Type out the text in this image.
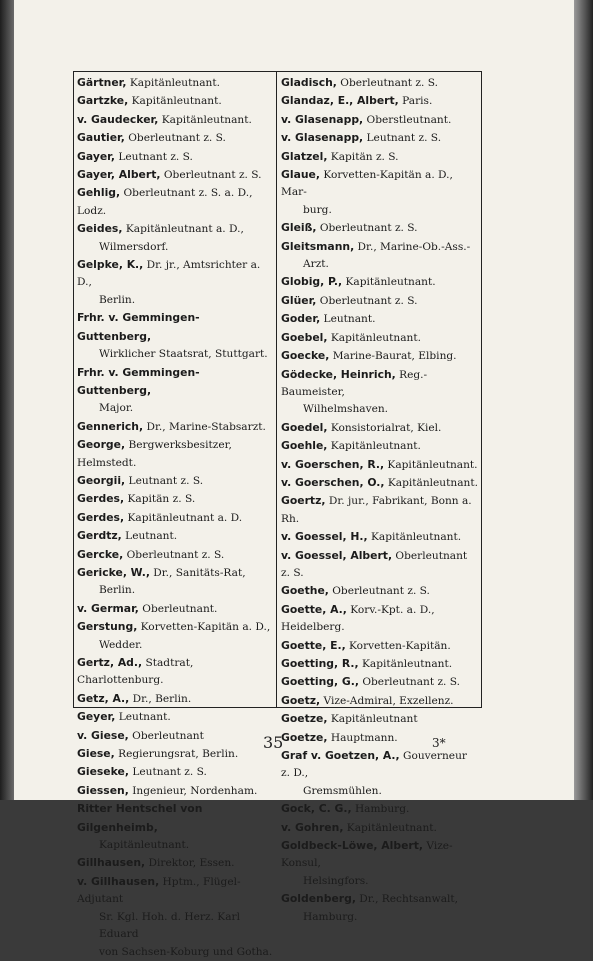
Gärtner, Kapitänleutnant.
Gartzke, Kapitänleutnant.
v. Gaudecker, Kapitänleutnant.
Gautier, Oberleutnant z. S.
Gayer, Leutnant z. S.
Gayer, Albert, Oberleutnant z. S.
Gehlig, Oberleutnant z. S. a. D., Lodz.
Geides, Kapitänleutnant a. D.,
Wilmersdorf.
Gelpke, K., Dr. jr., Amtsrichter a. D.,
Berlin.
Frhr. v. Gemmingen-Guttenberg,
Wirklicher Staatsrat, Stuttgart.
Frhr. v. Gemmingen-Guttenberg,
Major.
Gennerich, Dr., Marine-Stabsarzt.
George, Bergwerksbesitzer, Helmstedt.
Georgii, Leutnant z. S.
Gerdes, Kapitän z. S.
Gerdes, Kapitänleutnant a. D.
Gerdtz, Leutnant.
Gercke, Oberleutnant z. S.
Gericke, W., Dr., Sanitäts-Rat,
Berlin.
v. Germar, Oberleutnant.
Gerstung, Korvetten-Kapitän a. D.,
Wedder.
Gertz, Ad., Stadtrat, Charlottenburg.
Getz, A., Dr., Berlin.
Geyer, Leutnant.
v. Giese, Oberleutnant
Giese, Regierungsrat, Berlin.
Gieseke, Leutnant z. S.
Giessen, Ingenieur, Nordenham.
Ritter Hentschel von Gilgenheimb,
Kapitänleutnant.
Gillhausen, Direktor, Essen.
v. Gillhausen, Hptm., Flügel-Adjutant
Sr. Kgl. Hoh. d. Herz. Karl Eduard
von Sachsen-Koburg und Gotha.
Gladisch, Oberleutnant z. S.
Glandaz, E., Albert, Paris.
v. Glasenapp, Oberstleutnant.
v. Glasenapp, Leutnant z. S.
Glatzel, Kapitän z. S.
Glaue, Korvetten-Kapitän a. D., Mar-
burg.
Gleiß, Oberleutnant z. S.
Gleitsmann, Dr., Marine-Ob.-Ass.-
Arzt.
Globig, P., Kapitänleutnant.
Glüer, Oberleutnant z. S.
Goder, Leutnant.
Goebel, Kapitänleutnant.
Goecke, Marine-Baurat, Elbing.
Gödecke, Heinrich, Reg.-Baumeister,
Wilhelmshaven.
Goedel, Konsistorialrat, Kiel.
Goehle, Kapitänleutnant.
v. Goerschen, R., Kapitänleutnant.
v. Goerschen, O., Kapitänleutnant.
Goertz, Dr. jur., Fabrikant, Bonn a. Rh.
v. Goessel, H., Kapitänleutnant.
v. Goessel, Albert, Oberleutnant z. S.
Goethe, Oberleutnant z. S.
Goette, A., Korv.-Kpt. a. D., Heidelberg.
Goette, E., Korvetten-Kapitän.
Goetting, R., Kapitänleutnant.
Goetting, G., Oberleutnant z. S.
Goetz, Vize-Admiral, Exzellenz.
Goetze, Kapitänleutnant
Goetze, Hauptmann.
Graf v. Goetzen, A., Gouverneur z. D.,
Gremsmühlen.
Gock, C. G., Hamburg.
v. Gohren, Kapitänleutnant.
Goldbeck-Löwe, Albert, Vize-Konsul,
Helsingfors.
Goldenberg, Dr., Rechtsanwalt,
Hamburg.
35	3*
